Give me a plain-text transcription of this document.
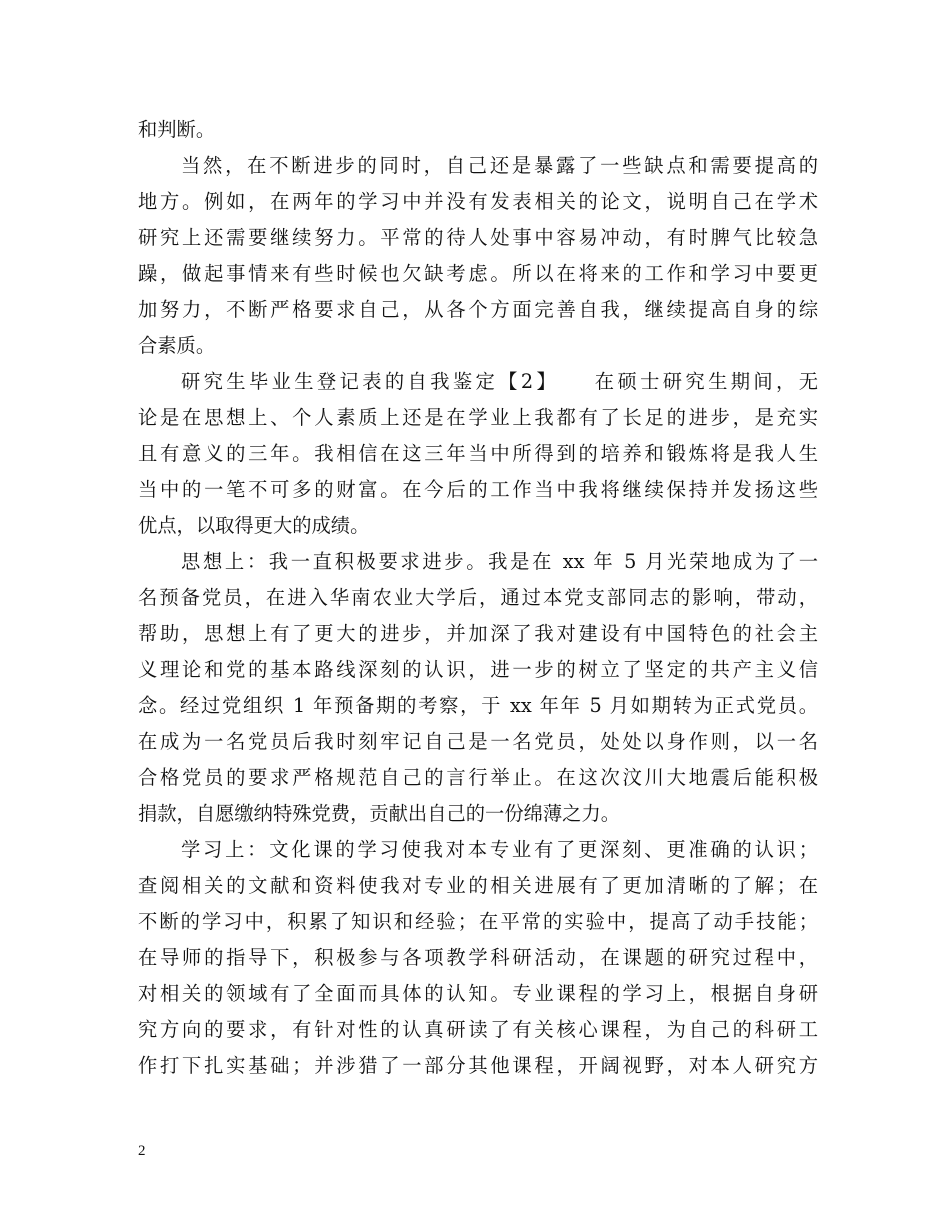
和判断。
当然，在不断进步的同时，自己还是暴露了一些缺点和需要提高的
地方。例如，在两年的学习中并没有发表相关的论文，说明自己在学术
研究上还需要继续努力。平常的待人处事中容易冲动，有时脾气比较急
躁，做起事情来有些时候也欠缺考虑。所以在将来的工作和学习中要更
加努力，不断严格要求自己，从各个方面完善自我，继续提高自身的综
合素质。
研究生毕业生登记表的自我鉴定【2】　　在硕士研究生期间，无
论是在思想上、个人素质上还是在学业上我都有了长足的进步，是充实
且有意义的三年。我相信在这三年当中所得到的培养和锻炼将是我人生
当中的一笔不可多的财富。在今后的工作当中我将继续保持并发扬这些
优点，以取得更大的成绩。
思想上：我一直积极要求进步。我是在 xx 年 5 月光荣地成为了一
名预备党员，在进入华南农业大学后，通过本党支部同志的影响，带动，
帮助，思想上有了更大的进步，并加深了我对建设有中国特色的社会主
义理论和党的基本路线深刻的认识，进一步的树立了坚定的共产主义信
念。经过党组织 1 年预备期的考察，于 xx 年年 5 月如期转为正式党员。
在成为一名党员后我时刻牢记自己是一名党员，处处以身作则，以一名
合格党员的要求严格规范自己的言行举止。在这次汶川大地震后能积极
捐款，自愿缴纳特殊党费，贡献出自己的一份绵薄之力。
学习上：文化课的学习使我对本专业有了更深刻、更准确的认识；
查阅相关的文献和资料使我对专业的相关进展有了更加清晰的了解；在
不断的学习中，积累了知识和经验；在平常的实验中，提高了动手技能；
在导师的指导下，积极参与各项教学科研活动，在课题的研究过程中，
对相关的领域有了全面而具体的认知。专业课程的学习上，根据自身研
究方向的要求，有针对性的认真研读了有关核心课程，为自己的科研工
作打下扎实基础；并涉猎了一部分其他课程，开阔视野，对本人研究方
2
